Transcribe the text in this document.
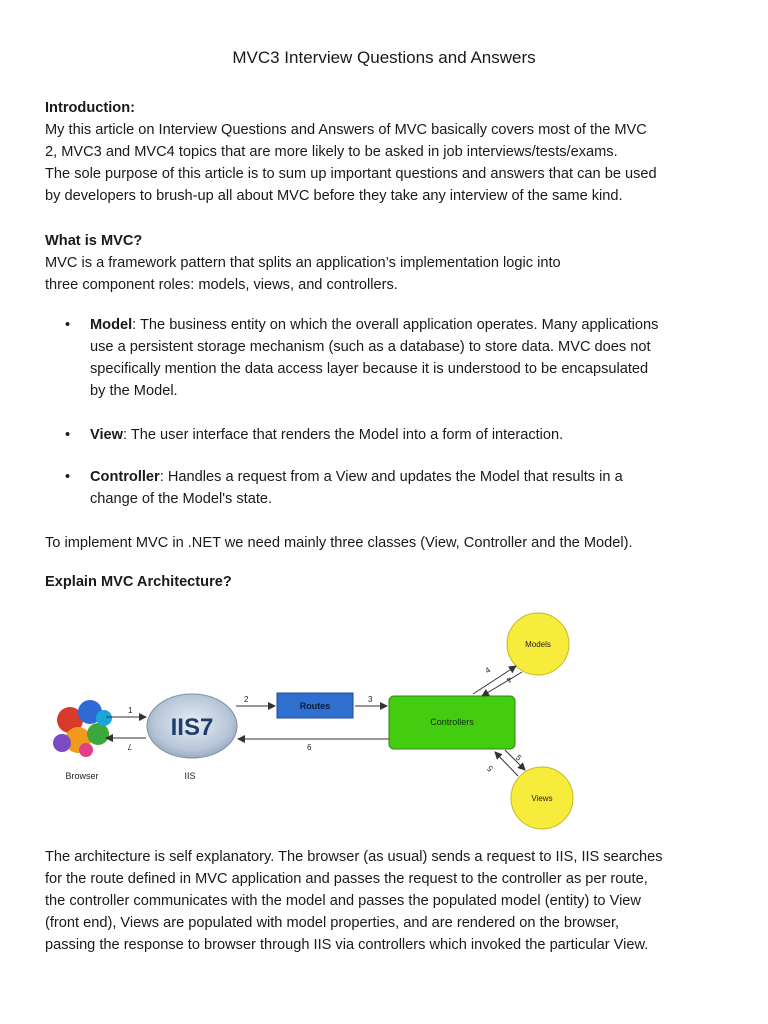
MVC3 Interview Questions and Answers

Introduction:

My this article on Interview Questions and Answers of MVC basically covers most of the MVC

2, MVC3 and MVC4 topics that are more likely to be asked in job interviews/tests/exams.

The sole purpose of this article is to sum up important questions and answers that can be used

by developers to brush-up all about MVC before they take any interview of the same kind.

What is MVC?

MVC is a framework pattern that splits an application’s implementation logic into

three component roles: models, views, and controllers.

• Model: The business entity on which the overall application operates. Many applications

use a persistent storage mechanism (such as a database) to store data. MVC does not

specifically mention the data access layer because it is understood to be encapsulated

by the Model.

• View: The user interface that renders the Model into a form of interaction.

• Controller: Handles a request from a View and updates the Model that results in a

change of the Model's state.

To implement MVC in .NET we need mainly three classes (View, Controller and the Model).
Explain MVC Architecture?
Browser
IIS7
IIS
Routes
Controllers
Models
Views
1
7
2	3
6
4
4
5
5

The architecture is self explanatory. The browser (as usual) sends a request to IIS, IIS searches

for the route defined in MVC application and passes the request to the controller as per route,

the controller communicates with the model and passes the populated model (entity) to View

(front end), Views are populated with model properties, and are rendered on the browser,

passing the response to browser through IIS via controllers which invoked the particular View.
